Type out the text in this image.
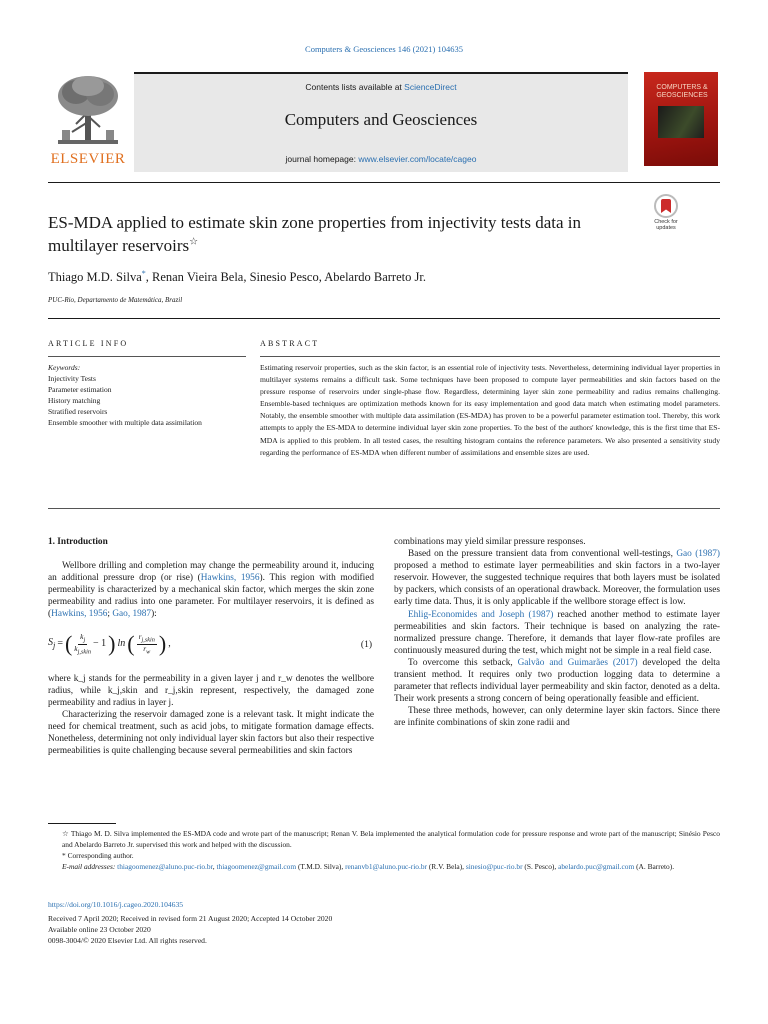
Computers & Geosciences 146 (2021) 104635
ELSEVIER
Contents lists available at ScienceDirect
Computers and Geosciences
journal homepage: www.elsevier.com/locate/cageo
COMPUTERS & GEOSCIENCES
ES-MDA applied to estimate skin zone properties from injectivity tests data in multilayer reservoirs☆
Check for
updates
Thiago M.D. Silva*, Renan Vieira Bela, Sinesio Pesco, Abelardo Barreto Jr.
PUC-Rio, Departamento de Matemática, Brazil
ARTICLE INFO	ABSTRACT
Keywords:
Injectivity Tests
Parameter estimation
History matching
Stratified reservoirs
Ensemble smoother with multiple data assimilation
Estimating reservoir properties, such as the skin factor, is an essential role of injectivity tests. Nevertheless, determining individual layer properties in multilayer systems remains a difficult task. Some techniques have been proposed to compute layer permeabilities and skin factors based on the pressure response of reservoirs under single-phase flow. Regardless, determining layer skin zone permeability and radius remains challenging. Ensemble-based techniques are optimization methods known for its easy implementation and good data match when estimating model parameters. Notably, the ensemble smoother with multiple data assimilation (ES-MDA) has proven to be a powerful parameter estimation tool. Thereby, this work attempts to apply the ES-MDA to determine individual layer skin zone properties. To the best of the authors' knowledge, this is the first time that ES-MDA is applied to this problem. In all tested cases, the resulting histogram contains the reference parameters. We also presented a sensitivity study regarding the performance of ES-MDA when different number of assimilations and ensemble sizes are used.
1. Introduction

Wellbore drilling and completion may change the permeability around it, inducing an additional pressure drop (or rise) (Hawkins, 1956). This region with modified permeability is characterized by a mechanical skin factor, which merges the skin zone permeability and radius into one parameter. For multilayer reservoirs, it is defined as (Hawkins, 1956; Gao, 1987):

$S_j$ = ( $\frac{k_j}{k_{j,skin}} - 1$ ) ln ( $\frac{r_{j,skin}}{r_w}$ ) ,	(1)

where k_j stands for the permeability in a given layer j and r_w denotes the wellbore radius, while k_j,skin and r_j,skin represent, respectively, the damaged zone permeability and radius in layer j.

Characterizing the reservoir damaged zone is a relevant task. It might indicate the need for chemical treatment, such as acid jobs, to mitigate formation damage effects. Nonetheless, determining not only individual layer skin factors but also their respective permeabilities is quite challenging because several permeabilities and skin factors

combinations may yield similar pressure responses.

Based on the pressure transient data from conventional well-testings, Gao (1987) proposed a method to estimate layer permeabilities and skin factors in a two-layer reservoir. However, the suggested technique requires that both layers must be isolated by packers, which consists of an operational drawback. Moreover, the formulation uses early time data. Thus, it is only applicable if the wellbore storage effect is low.

Ehlig-Economides and Joseph (1987) reached another method to estimate layer permeabilities and skin factors. Their technique is based on analyzing the rate-normalized pressure change. Therefore, it demands that layer flow-rate profiles are continuously measured during the test, which might not be simple in a real field case.

To overcome this setback, Galvão and Guimarães (2017) developed the delta transient method. It requires only two production logging data to determine a parameter that reflects individual layer permeability and skin factor, denoted as a delta. Their work presents a strong concern of being operationally feasible and efficient.

These three methods, however, can only determine layer skin factors. Since there are infinite combinations of skin zone radii and

☆ Thiago M. D. Silva implemented the ES-MDA code and wrote part of the manuscript; Renan V. Bela implemented the analytical formulation code for pressure response and wrote part of the manuscript; Sinésio Pesco and Abelardo Barreto Jr. supervised this work and helped with the discussion.

* Corresponding author.

E-mail addresses: thiagoomenez@aluno.puc-rio.br, thiagoomenez@gmail.com (T.M.D. Silva), renanvb1@aluno.puc-rio.br (R.V. Bela), sinesio@puc-rio.br (S. Pesco), abelardo.puc@gmail.com (A. Barreto).

https://doi.org/10.1016/j.cageo.2020.104635
Received 7 April 2020; Received in revised form 21 August 2020; Accepted 14 October 2020
Available online 23 October 2020
0098-3004/© 2020 Elsevier Ltd. All rights reserved.
